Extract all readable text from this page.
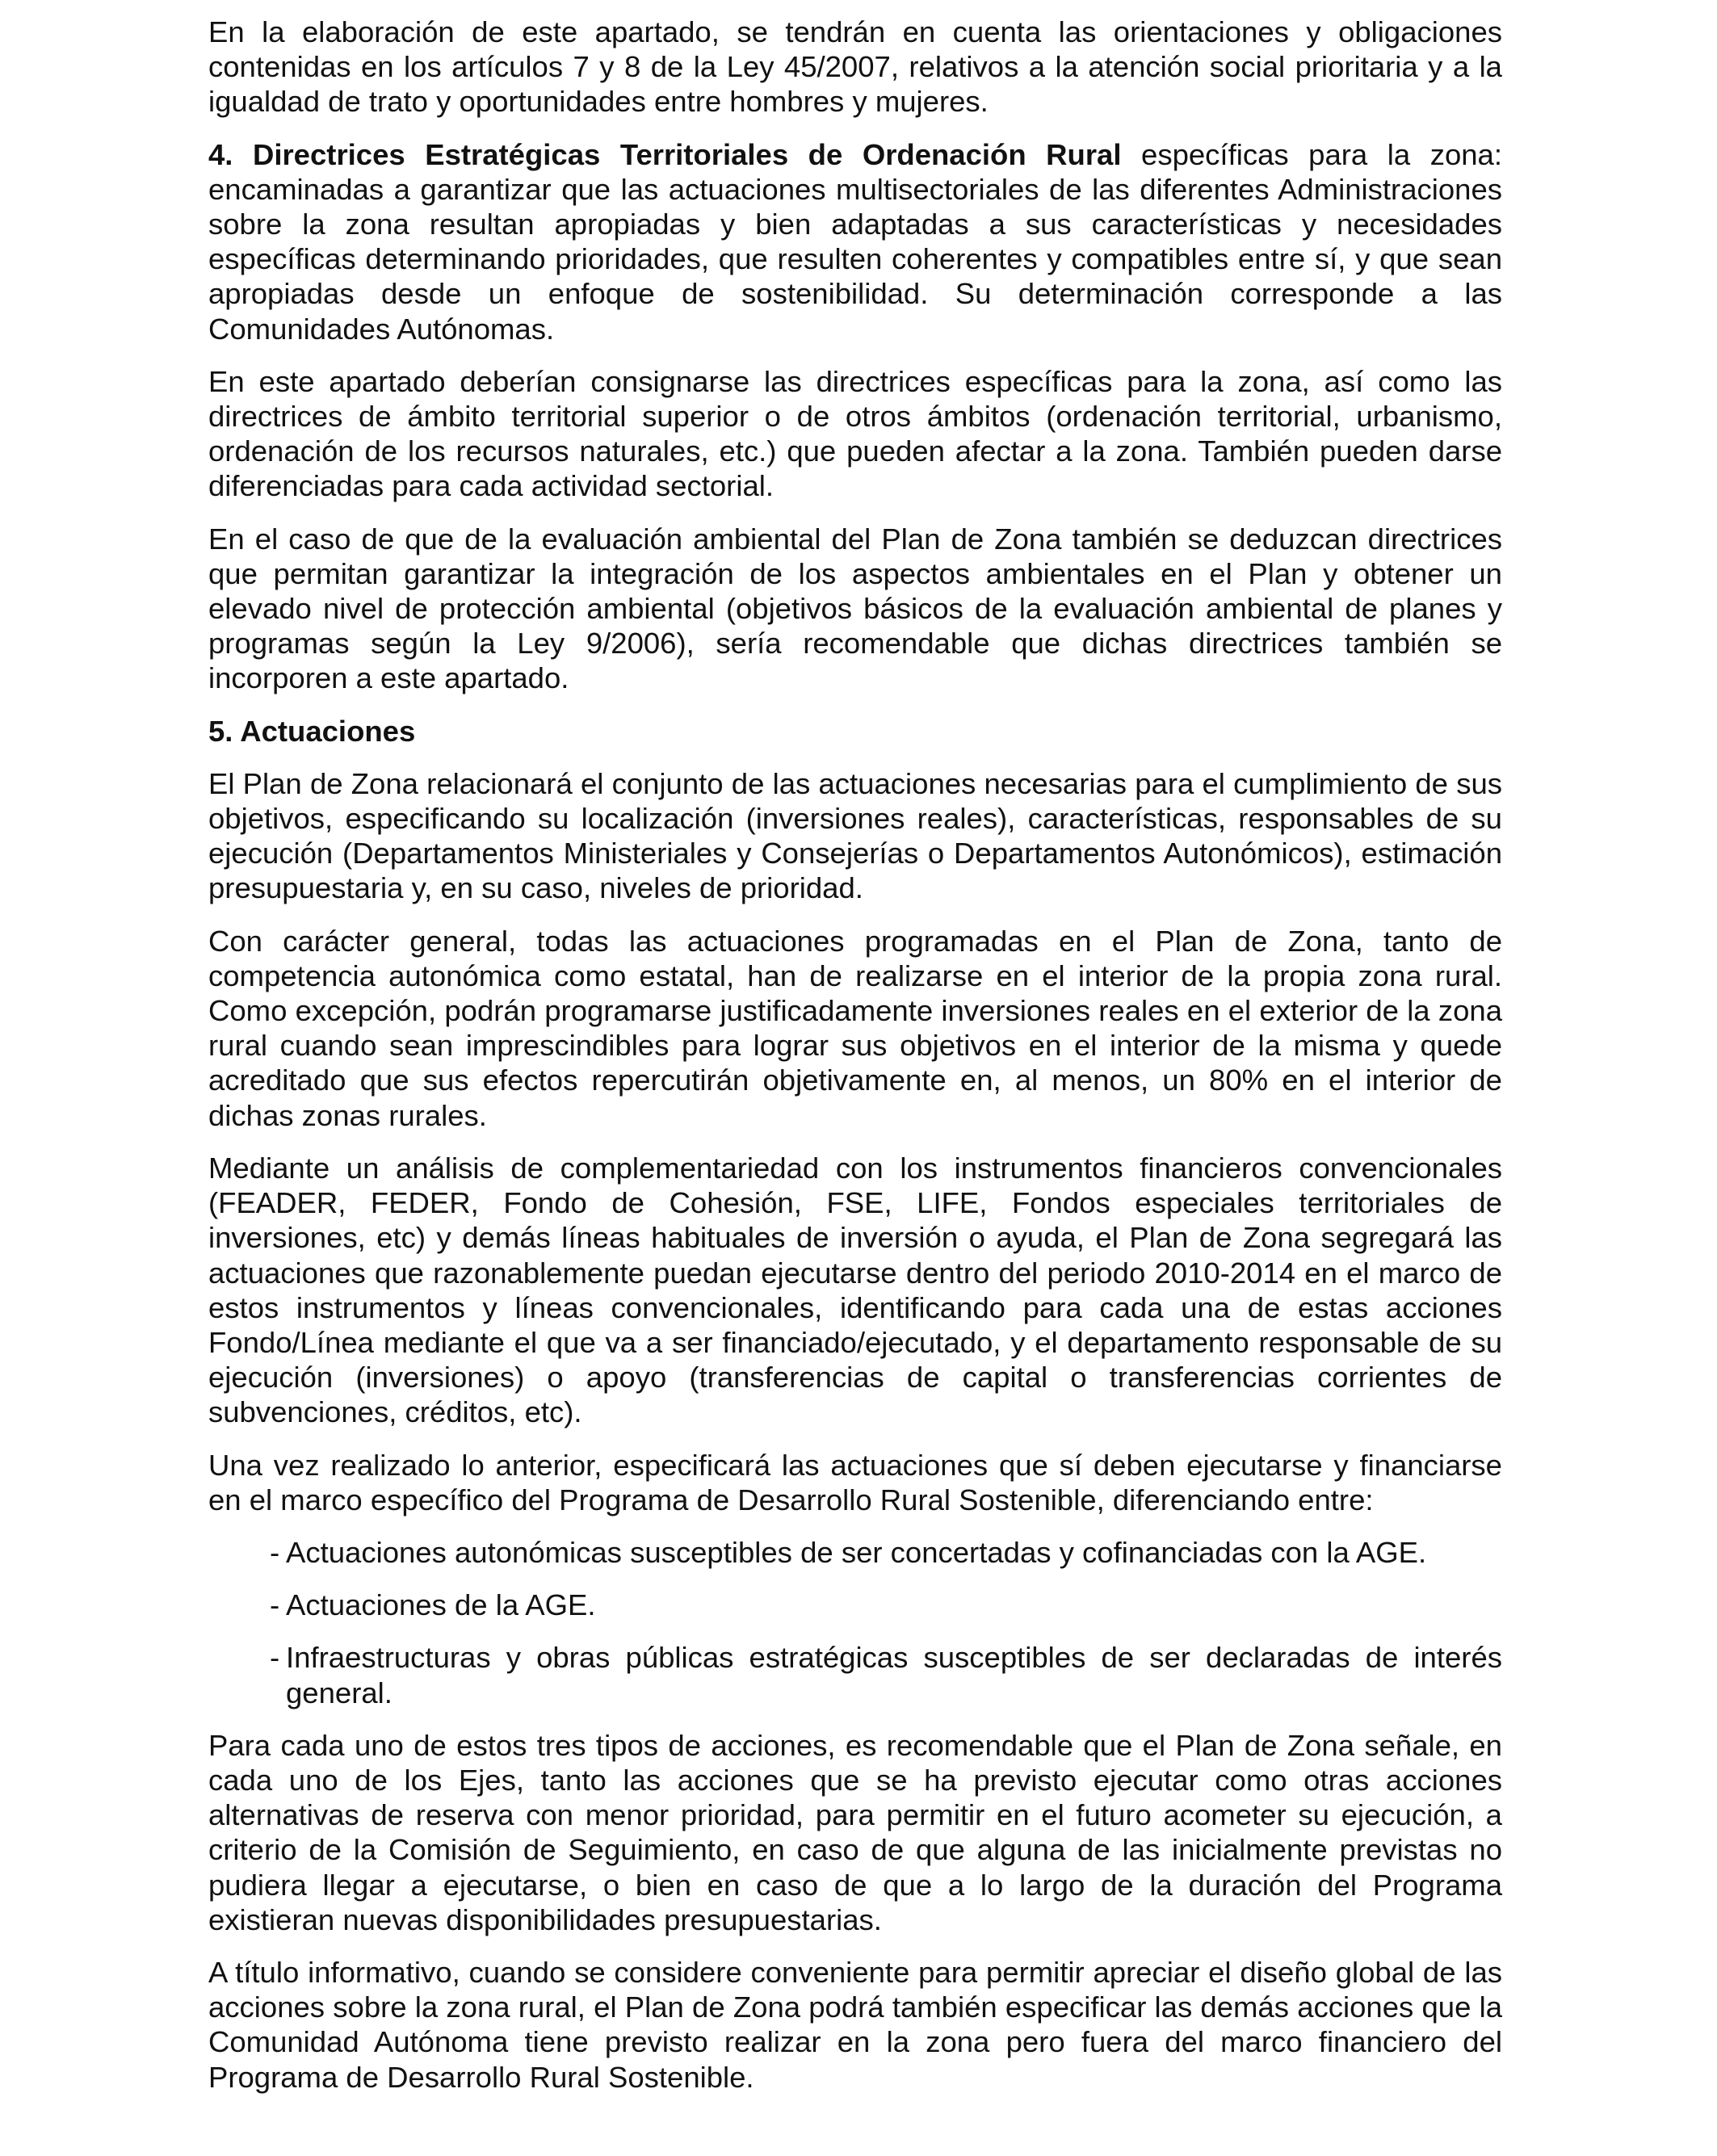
En la elaboración de este apartado, se tendrán en cuenta las orientaciones y obligaciones contenidas en los artículos 7 y 8 de la Ley 45/2007, relativos a la atención social prioritaria y a la igualdad de trato y oportunidades entre hombres y mujeres.

4. Directrices Estratégicas Territoriales de Ordenación Rural específicas para la zona: encaminadas a garantizar que las actuaciones multisectoriales de las diferentes Administraciones sobre la zona resultan apropiadas y bien adaptadas a sus características y necesidades específicas determinando prioridades, que resulten coherentes y compatibles entre sí, y que sean apropiadas desde un enfoque de sostenibilidad. Su determinación corresponde a las Comunidades Autónomas.

En este apartado deberían consignarse las directrices específicas para la zona, así como las directrices de ámbito territorial superior o de otros ámbitos (ordenación territorial, urbanismo, ordenación de los recursos naturales, etc.) que pueden afectar a la zona. También pueden darse diferenciadas para cada actividad sectorial.

En el caso de que de la evaluación ambiental del Plan de Zona también se deduzcan directrices que permitan garantizar la integración de los aspectos ambientales en el Plan y obtener un elevado nivel de protección ambiental (objetivos básicos de la evaluación ambiental de planes y programas según la Ley 9/2006), sería recomendable que dichas directrices también se incorporen a este apartado.

5. Actuaciones

El Plan de Zona relacionará el conjunto de las actuaciones necesarias para el cumplimiento de sus objetivos, especificando su localización (inversiones reales), características, responsables de su ejecución (Departamentos Ministeriales y Consejerías o Departamentos Autonómicos), estimación presupuestaria y, en su caso, niveles de prioridad.

Con carácter general, todas las actuaciones programadas en el Plan de Zona, tanto de competencia autonómica como estatal, han de realizarse en el interior de la propia zona rural. Como excepción, podrán programarse justificadamente inversiones reales en el exterior de la zona rural cuando sean imprescindibles para lograr sus objetivos en el interior de la misma y quede acreditado que sus efectos repercutirán objetivamente en, al menos, un 80% en el interior de dichas zonas rurales.

Mediante un análisis de complementariedad con los instrumentos financieros convencionales (FEADER, FEDER, Fondo de Cohesión, FSE, LIFE, Fondos especiales territoriales de inversiones, etc) y demás líneas habituales de inversión o ayuda, el Plan de Zona segregará las actuaciones que razonablemente puedan ejecutarse dentro del periodo 2010-2014 en el marco de estos instrumentos y líneas convencionales, identificando para cada una de estas acciones Fondo/Línea mediante el que va a ser financiado/ejecutado, y el departamento responsable de su ejecución (inversiones) o apoyo (transferencias de capital o transferencias corrientes de subvenciones, créditos, etc).

Una vez realizado lo anterior, especificará las actuaciones que sí deben ejecutarse y financiarse en el marco específico del Programa de Desarrollo Rural Sostenible, diferenciando entre:

- Actuaciones autonómicas susceptibles de ser concertadas y cofinanciadas con la AGE.
- Actuaciones de la AGE.
- Infraestructuras y obras públicas estratégicas susceptibles de ser declaradas de interés general.

Para cada uno de estos tres tipos de acciones, es recomendable que el Plan de Zona señale, en cada uno de los Ejes, tanto las acciones que se ha previsto ejecutar como otras acciones alternativas de reserva con menor prioridad, para permitir en el futuro acometer su ejecución, a criterio de la Comisión de Seguimiento, en caso de que alguna de las inicialmente previstas no pudiera llegar a ejecutarse, o bien en caso de que a lo largo de la duración del Programa existieran nuevas disponibilidades presupuestarias.

A título informativo, cuando se considere conveniente para permitir apreciar el diseño global de las acciones sobre la zona rural, el Plan de Zona podrá también especificar las demás acciones que la Comunidad Autónoma tiene previsto realizar en la zona pero fuera del marco financiero del Programa de Desarrollo Rural Sostenible.
